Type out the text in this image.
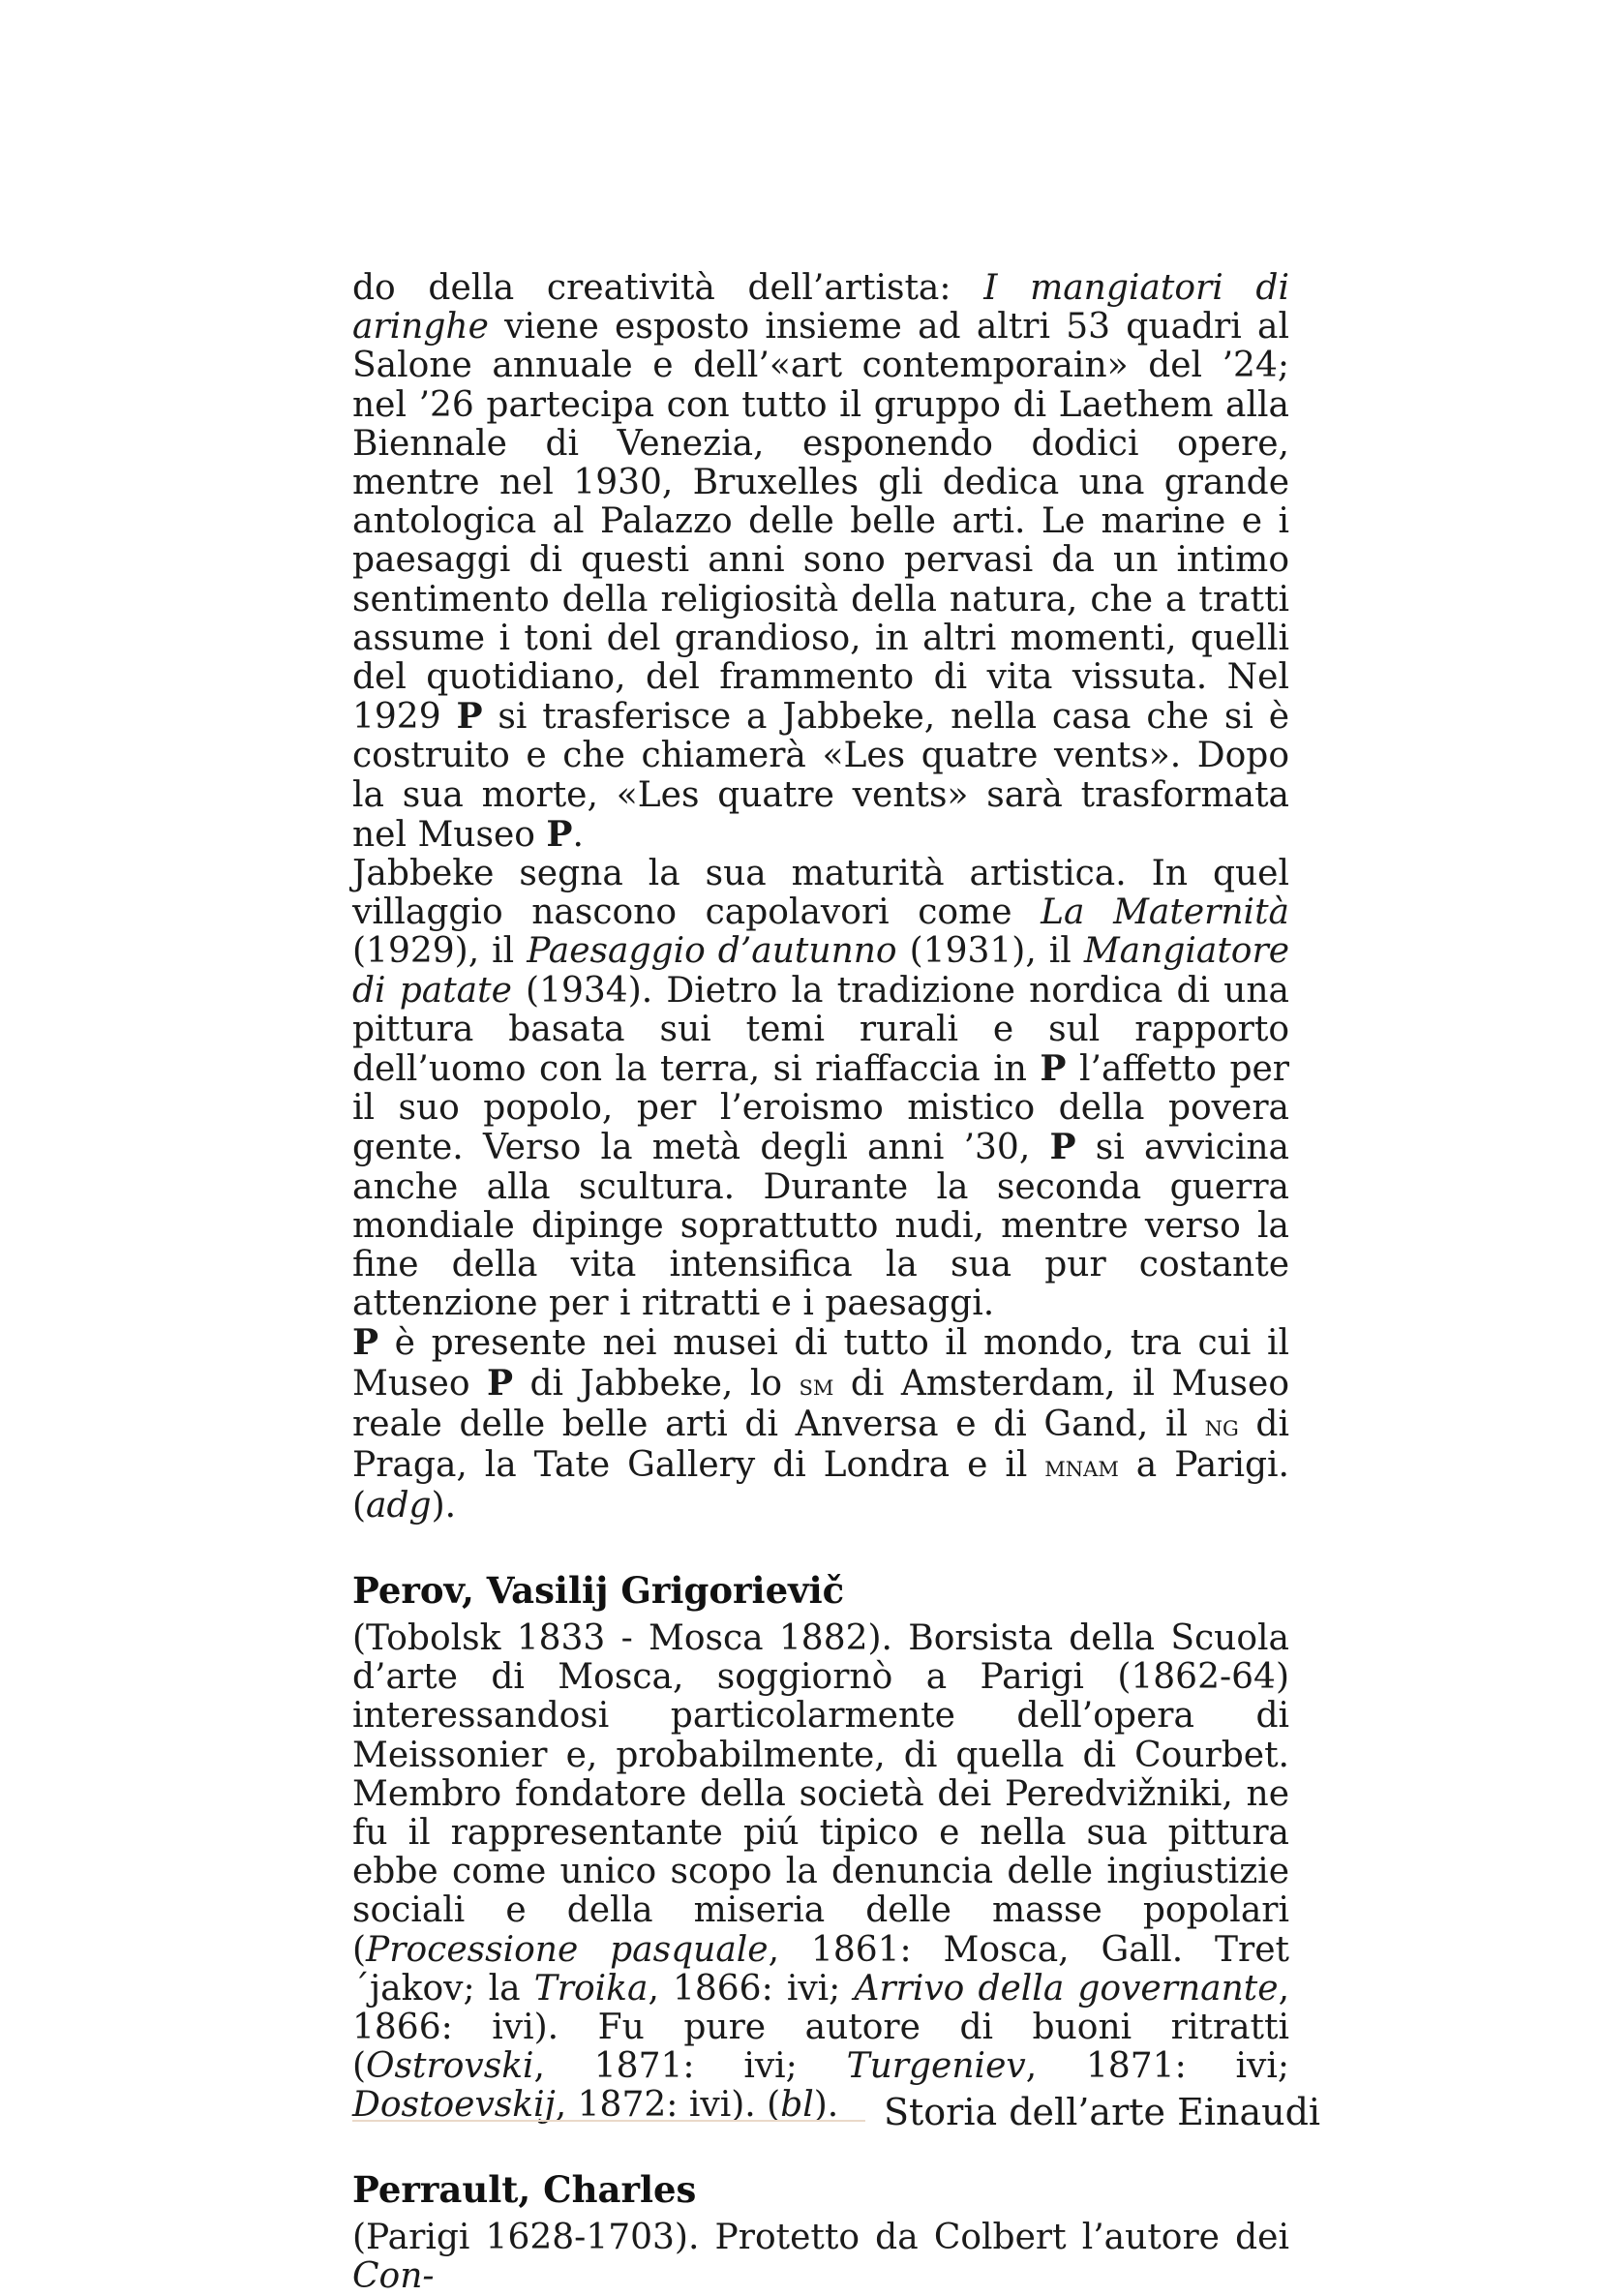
do della creatività dell’artista: I mangiatori di aringhe viene esposto insieme ad altri 53 quadri al Salone annuale e dell’«art contemporain» del ’24; nel ’26 partecipa con tutto il gruppo di Laethem alla Biennale di Venezia, esponendo dodici opere, mentre nel 1930, Bruxelles gli dedica una grande antologica al Palazzo delle belle arti. Le marine e i paesaggi di questi anni sono pervasi da un intimo sentimento della religiosità della natura, che a tratti assume i toni del grandioso, in altri momenti, quelli del quotidiano, del frammento di vita vissuta. Nel 1929 P si trasferisce a Jabbeke, nella casa che si è costruito e che chiamerà «Les quatre vents». Dopo la sua morte, «Les quatre vents» sarà trasformata nel Museo P.

Jabbeke segna la sua maturità artistica. In quel villaggio nascono capolavori come La Maternità (1929), il Paesaggio d’autunno (1931), il Mangiatore di patate (1934). Dietro la tradizione nordica di una pittura basata sui temi rurali e sul rapporto dell’uomo con la terra, si riaffaccia in P l’affetto per il suo popolo, per l’eroismo mistico della povera gente. Verso la metà degli anni ’30, P si avvicina anche alla scultura. Durante la seconda guerra mondiale dipinge soprattutto nudi, mentre verso la fine della vita intensifica la sua pur costante attenzione per i ritratti e i paesaggi.

P è presente nei musei di tutto il mondo, tra cui il Museo P di Jabbeke, lo sm di Amsterdam, il Museo reale delle belle arti di Anversa e di Gand, il ng di Praga, la Tate Gallery di Londra e il mnam a Parigi. (adg).

Perov, Vasilij Grigorievič

(Tobolsk 1833 - Mosca 1882). Borsista della Scuola d’arte di Mosca, soggiornò a Parigi (1862-64) interessandosi particolarmente dell’opera di Meissonier e, probabilmente, di quella di Courbet. Membro fondatore della società dei Peredvižniki, ne fu il rappresentante piú tipico e nella sua pittura ebbe come unico scopo la denuncia delle ingiustizie sociali e della miseria delle masse popolari (Processione pasquale, 1861: Mosca, Gall. Tret´jakov; la Troika, 1866: ivi; Arrivo della governante, 1866: ivi). Fu pure autore di buoni ritratti (Ostrovski, 1871: ivi; Turgeniev, 1871: ivi; Dostoevskij, 1872: ivi). (bl).

Perrault, Charles

(Parigi 1628-1703). Protetto da Colbert l’autore dei Con-

Storia dell’arte Einaudi
